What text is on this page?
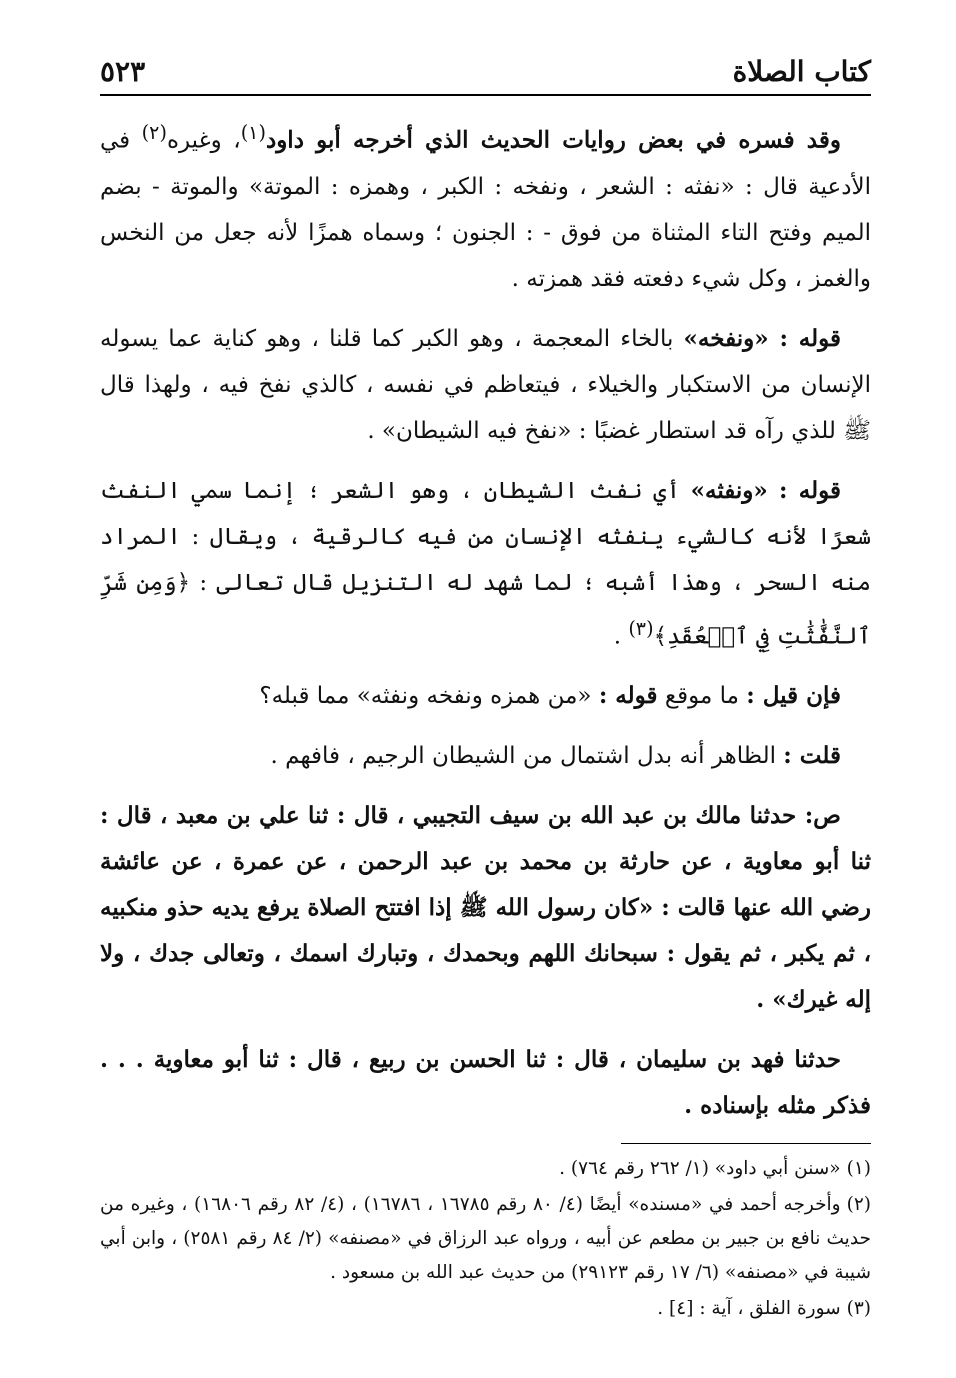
كتاب الصلاة
٥٢٣

وقد فسره في بعض روايات الحديث الذي أخرجه أبو داود$^{(١)}$، وغيره$^{(٢)}$ في الأدعية قال : «نفثه : الشعر ، ونفخه : الكبر ، وهمزه : الموتة» والموتة - بضم الميم وفتح التاء المثناة من فوق - : الجنون ؛ وسماه همزًا لأنه جعل من النخس والغمز ، وكل شيء دفعته فقد همزته .

قوله : «ونفخه» بالخاء المعجمة ، وهو الكبر كما قلنا ، وهو كناية عما يسوله الإنسان من الاستكبار والخيلاء ، فيتعاظم في نفسه ، كالذي نفخ فيه ، ولهذا قال ﷺ للذي رآه قد استطار غضبًا : «نفخ فيه الشيطان» .

قوله : «ونفثه» أي نفث الشيطان ، وهو الشعر ؛ إنما سمي النفث شعرًا لأنه كالشيء ينفثه الإنسان من فيه كالرقية ، ويقال : المراد منه السحر ، وهذا أشبه ؛ لما شهد له التنزيل قال تعالى : ﴿وَمِن شَرِّ ٱلنَّفَّٰثَٰتِ فِي ٱلۡعُقَدِ﴾$^{(٣)}$ .

فإن قيل : ما موقع قوله : «من همزه ونفخه ونفثه» مما قبله؟

قلت : الظاهر أنه بدل اشتمال من الشيطان الرجيم ، فافهم .

ص: حدثنا مالك بن عبد الله بن سيف التجيبي ، قال : ثنا علي بن معبد ، قال : ثنا أبو معاوية ، عن حارثة بن محمد بن عبد الرحمن ، عن عمرة ، عن عائشة رضي الله عنها قالت : «كان رسول الله ﷺ إذا افتتح الصلاة يرفع يديه حذو منكبيه ، ثم يكبر ، ثم يقول : سبحانك اللهم وبحمدك ، وتبارك اسمك ، وتعالى جدك ، ولا إله غيرك» .

حدثنا فهد بن سليمان ، قال : ثنا الحسن بن ربيع ، قال : ثنا أبو معاوية . . . فذكر مثله بإسناده .

(١)«سنن أبي داود» (١/ ٢٦٢ رقم ٧٦٤) .
(٢)وأخرجه أحمد في «مسنده» أيضًا (٤/ ٨٠ رقم ١٦٧٨٥ ، ١٦٧٨٦) ، (٤/ ٨٢ رقم ١٦٨٠٦) ، وغيره من حديث نافع بن جبير بن مطعم عن أبيه ، ورواه عبد الرزاق في «مصنفه» (٢/ ٨٤ رقم ٢٥٨١) ، وابن أبي شيبة في «مصنفه» (٦/ ١٧ رقم ٢٩١٢٣) من حديث عبد الله بن مسعود .
(٣)سورة الفلق ، آية : [٤] .
